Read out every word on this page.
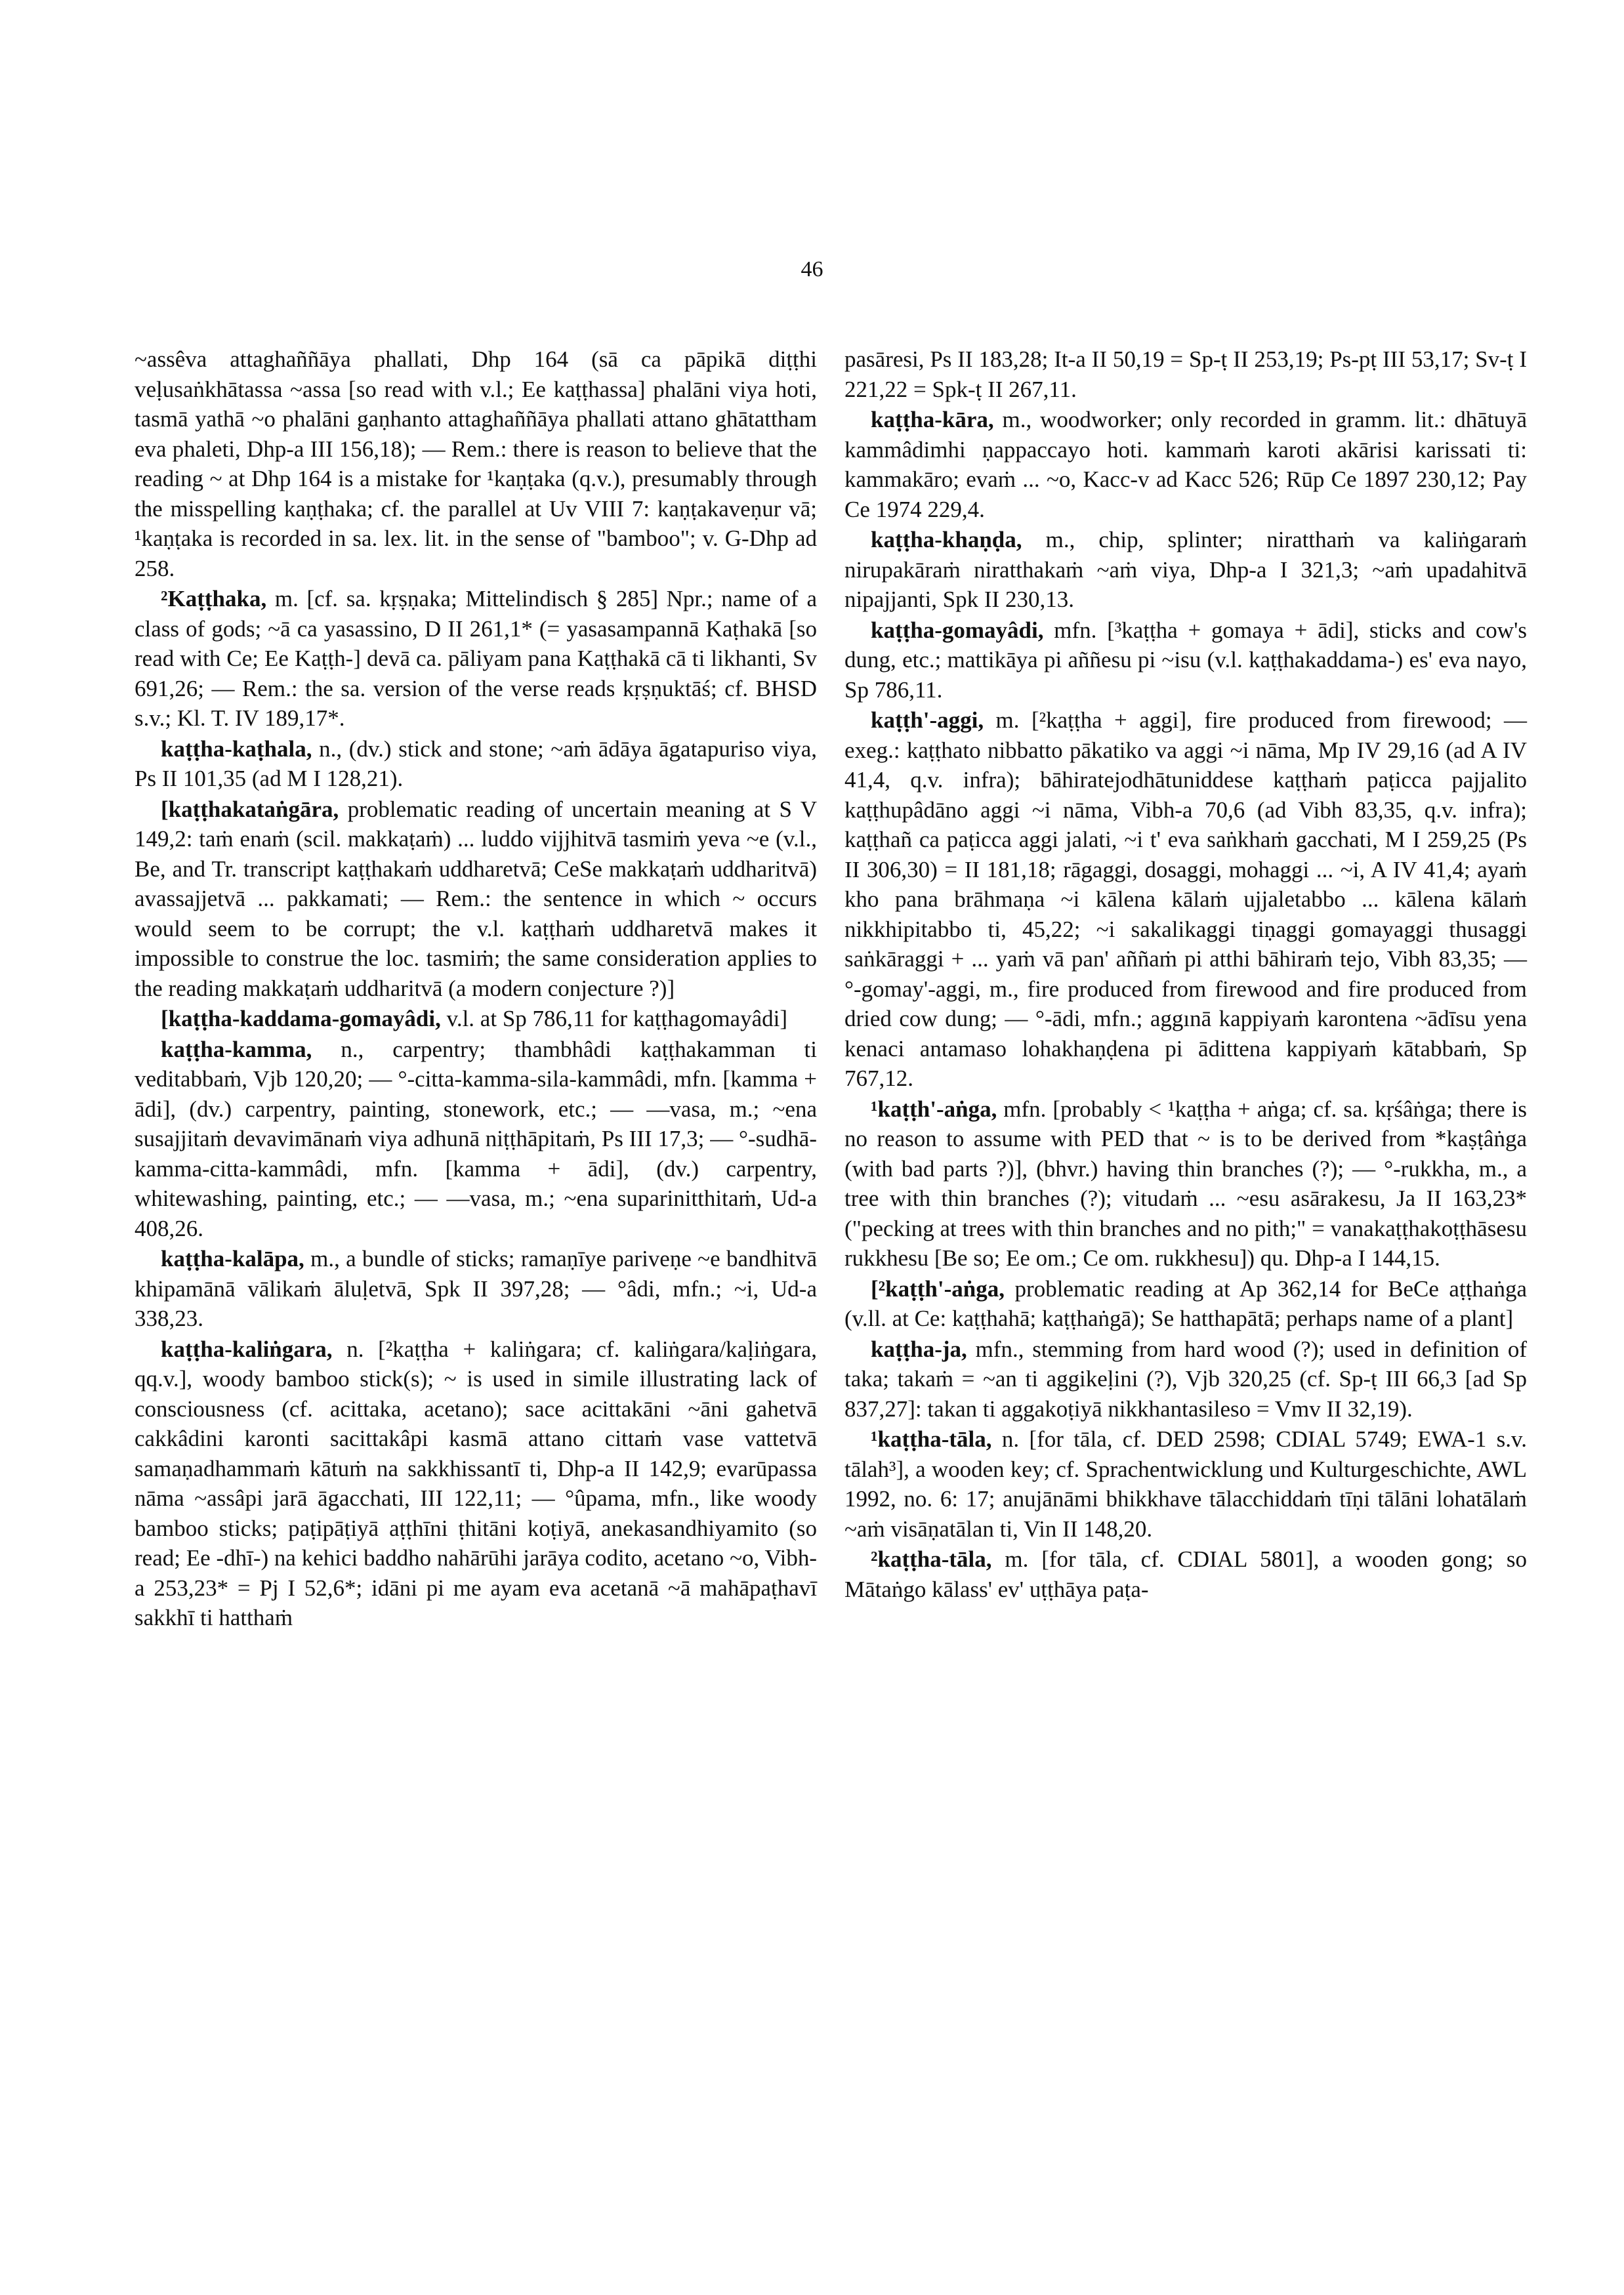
46

~assêva attaghaññāya phallati, Dhp 164 (sā ca pāpikā diṭṭhi veḷusaṅkhātassa ~assa [so read with v.l.; Ee kaṭṭhassa] phalāni viya hoti, tasmā yathā ~o phalāni gaṇhanto attaghaññāya phallati attano ghātattham eva phaleti, Dhp-a III 156,18); — Rem.: there is reason to believe that the reading ~ at Dhp 164 is a mistake for ¹kaṇṭaka (q.v.), presumably through the misspelling kaṇṭhaka; cf. the parallel at Uv VIII 7: kaṇṭakaveṇur vā; ¹kaṇṭaka is recorded in sa. lex. lit. in the sense of "bamboo"; v. G-Dhp ad 258.

²Kaṭṭhaka, m. [cf. sa. kṛṣṇaka; Mittelindisch § 285] Npr.; name of a class of gods; ~ā ca yasassino, D II 261,1* (= yasasampannā Kaṭhakā [so read with Ce; Ee Kaṭṭh-] devā ca. pāliyam pana Kaṭṭhakā cā ti likhanti, Sv 691,26; — Rem.: the sa. version of the verse reads kṛṣṇuktāś; cf. BHSD s.v.; Kl. T. IV 189,17*.

kaṭṭha-kaṭhala, n., (dv.) stick and stone; ~aṁ ādāya āgatapuriso viya, Ps II 101,35 (ad M I 128,21).

[kaṭṭhakataṅgāra, problematic reading of uncertain meaning at S V 149,2: taṁ enaṁ (scil. makkaṭaṁ) ... luddo vijjhitvā tasmiṁ yeva ~e (v.l., Be, and Tr. transcript kaṭṭhakaṁ uddharetvā; CeSe makkaṭaṁ uddharitvā) avassajjetvā ... pakkamati; — Rem.: the sentence in which ~ occurs would seem to be corrupt; the v.l. kaṭṭhaṁ uddharetvā makes it impossible to construe the loc. tasmiṁ; the same consideration applies to the reading makkaṭaṁ uddharitvā (a modern conjecture ?)]

[kaṭṭha-kaddama-gomayâdi, v.l. at Sp 786,11 for kaṭṭhagomayâdi]

kaṭṭha-kamma, n., carpentry; thambhâdi kaṭṭhakamman ti veditabbaṁ, Vjb 120,20; — °-citta-kamma-sila-kammâdi, mfn. [kamma + ādi], (dv.) carpentry, painting, stonework, etc.; — —vasa, m.; ~ena susajjitaṁ devavimānaṁ viya adhunā niṭṭhāpitaṁ, Ps III 17,3; — °-sudhā-kamma-citta-kammâdi, mfn. [kamma + ādi], (dv.) carpentry, whitewashing, painting, etc.; — —vasa, m.; ~ena suparinitthitaṁ, Ud-a 408,26.

kaṭṭha-kalāpa, m., a bundle of sticks; ramaṇīye pariveṇe ~e bandhitvā khipamānā vālikaṁ āluḷetvā, Spk II 397,28; — °âdi, mfn.; ~i, Ud-a 338,23.

kaṭṭha-kaliṅgara, n. [²kaṭṭha + kaliṅgara; cf. kaliṅgara/kaḷiṅgara, qq.v.], woody bamboo stick(s); ~ is used in simile illustrating lack of consciousness (cf. acittaka, acetano); sace acittakāni ~āni gahetvā cakkâdini karonti sacittakâpi kasmā attano cittaṁ vase vattetvā samaṇadhammaṁ kātuṁ na sakkhissantī ti, Dhp-a II 142,9; evarūpassa nāma ~assâpi jarā āgacchati, III 122,11; — °ûpama, mfn., like woody bamboo sticks; paṭipāṭiyā aṭṭhīni ṭhitāni koṭiyā, anekasandhiyamito (so read; Ee -dhī-) na kehici baddho nahārūhi jarāya codito, acetano ~o, Vibh-a 253,23* = Pj I 52,6*; idāni pi me ayam eva acetanā ~ā mahāpaṭhavī sakkhī ti hatthaṁ

pasāresi, Ps II 183,28; It-a II 50,19 = Sp-ṭ II 253,19; Ps-pṭ III 53,17; Sv-ṭ I 221,22 = Spk-ṭ II 267,11.

kaṭṭha-kāra, m., woodworker; only recorded in gramm. lit.: dhātuyā kammâdimhi ṇappaccayo hoti. kammaṁ karoti akārisi karissati ti: kammakāro; evaṁ ... ~o, Kacc-v ad Kacc 526; Rūp Ce 1897 230,12; Pay Ce 1974 229,4.

kaṭṭha-khaṇḍa, m., chip, splinter; niratthaṁ va kaliṅgaraṁ nirupakāraṁ niratthakaṁ ~aṁ viya, Dhp-a I 321,3; ~aṁ upadahitvā nipajjanti, Spk II 230,13.

kaṭṭha-gomayâdi, mfn. [³kaṭṭha + gomaya + ādi], sticks and cow's dung, etc.; mattikāya pi aññesu pi ~isu (v.l. kaṭṭhakaddama-) es' eva nayo, Sp 786,11.

kaṭṭh'-aggi, m. [²kaṭṭha + aggi], fire produced from firewood; — exeg.: kaṭṭhato nibbatto pākatiko va aggi ~i nāma, Mp IV 29,16 (ad A IV 41,4, q.v. infra); bāhiratejodhātuniddese kaṭṭhaṁ paṭicca pajjalito kaṭṭhupâdāno aggi ~i nāma, Vibh-a 70,6 (ad Vibh 83,35, q.v. infra); kaṭṭhañ ca paṭicca aggi jalati, ~i t' eva saṅkhaṁ gacchati, M I 259,25 (Ps II 306,30) = II 181,18; rāgaggi, dosaggi, mohaggi ... ~i, A IV 41,4; ayaṁ kho pana brāhmaṇa ~i kālena kālaṁ ujjaletabbo ... kālena kālaṁ nikkhipitabbo ti, 45,22; ~i sakalikaggi tiṇaggi gomayaggi thusaggi saṅkāraggi + ... yaṁ vā pan' aññaṁ pi atthi bāhiraṁ tejo, Vibh 83,35; — °-gomay'-aggi, m., fire produced from firewood and fire produced from dried cow dung; — °-ādi, mfn.; aggınā kappiyaṁ karontena ~ādīsu yena kenaci antamaso lohakhaṇḍena pi ādittena kappiyaṁ kātabbaṁ, Sp 767,12.

¹kaṭṭh'-aṅga, mfn. [probably < ¹kaṭṭha + aṅga; cf. sa. kṛśâṅga; there is no reason to assume with PED that ~ is to be derived from *kaṣṭâṅga (with bad parts ?)], (bhvr.) having thin branches (?); — °-rukkha, m., a tree with thin branches (?); vitudaṁ ... ~esu asārakesu, Ja II 163,23* ("pecking at trees with thin branches and no pith;" = vanakaṭṭhakoṭṭhāsesu rukkhesu [Be so; Ee om.; Ce om. rukkhesu]) qu. Dhp-a I 144,15.

[²kaṭṭh'-aṅga, problematic reading at Ap 362,14 for BeCe aṭṭhaṅga (v.ll. at Ce: kaṭṭhahā; kaṭṭhaṅgā); Se hatthapātā; perhaps name of a plant]

kaṭṭha-ja, mfn., stemming from hard wood (?); used in definition of taka; takaṁ = ~an ti aggikeḷini (?), Vjb 320,25 (cf. Sp-ṭ III 66,3 [ad Sp 837,27]: takan ti aggakoṭiyā nikkhantasileso = Vmv II 32,19).

¹kaṭṭha-tāla, n. [for tāla, cf. DED 2598; CDIAL 5749; EWA-1 s.v. tālah³], a wooden key; cf. Sprachentwicklung und Kulturgeschichte, AWL 1992, no. 6: 17; anujānāmi bhikkhave tālacchiddaṁ tīṇi tālāni lohatālaṁ ~aṁ visāṇatālan ti, Vin II 148,20.

²kaṭṭha-tāla, m. [for tāla, cf. CDIAL 5801], a wooden gong; so Mātaṅgo kālass' ev' uṭṭhāya paṭa-
